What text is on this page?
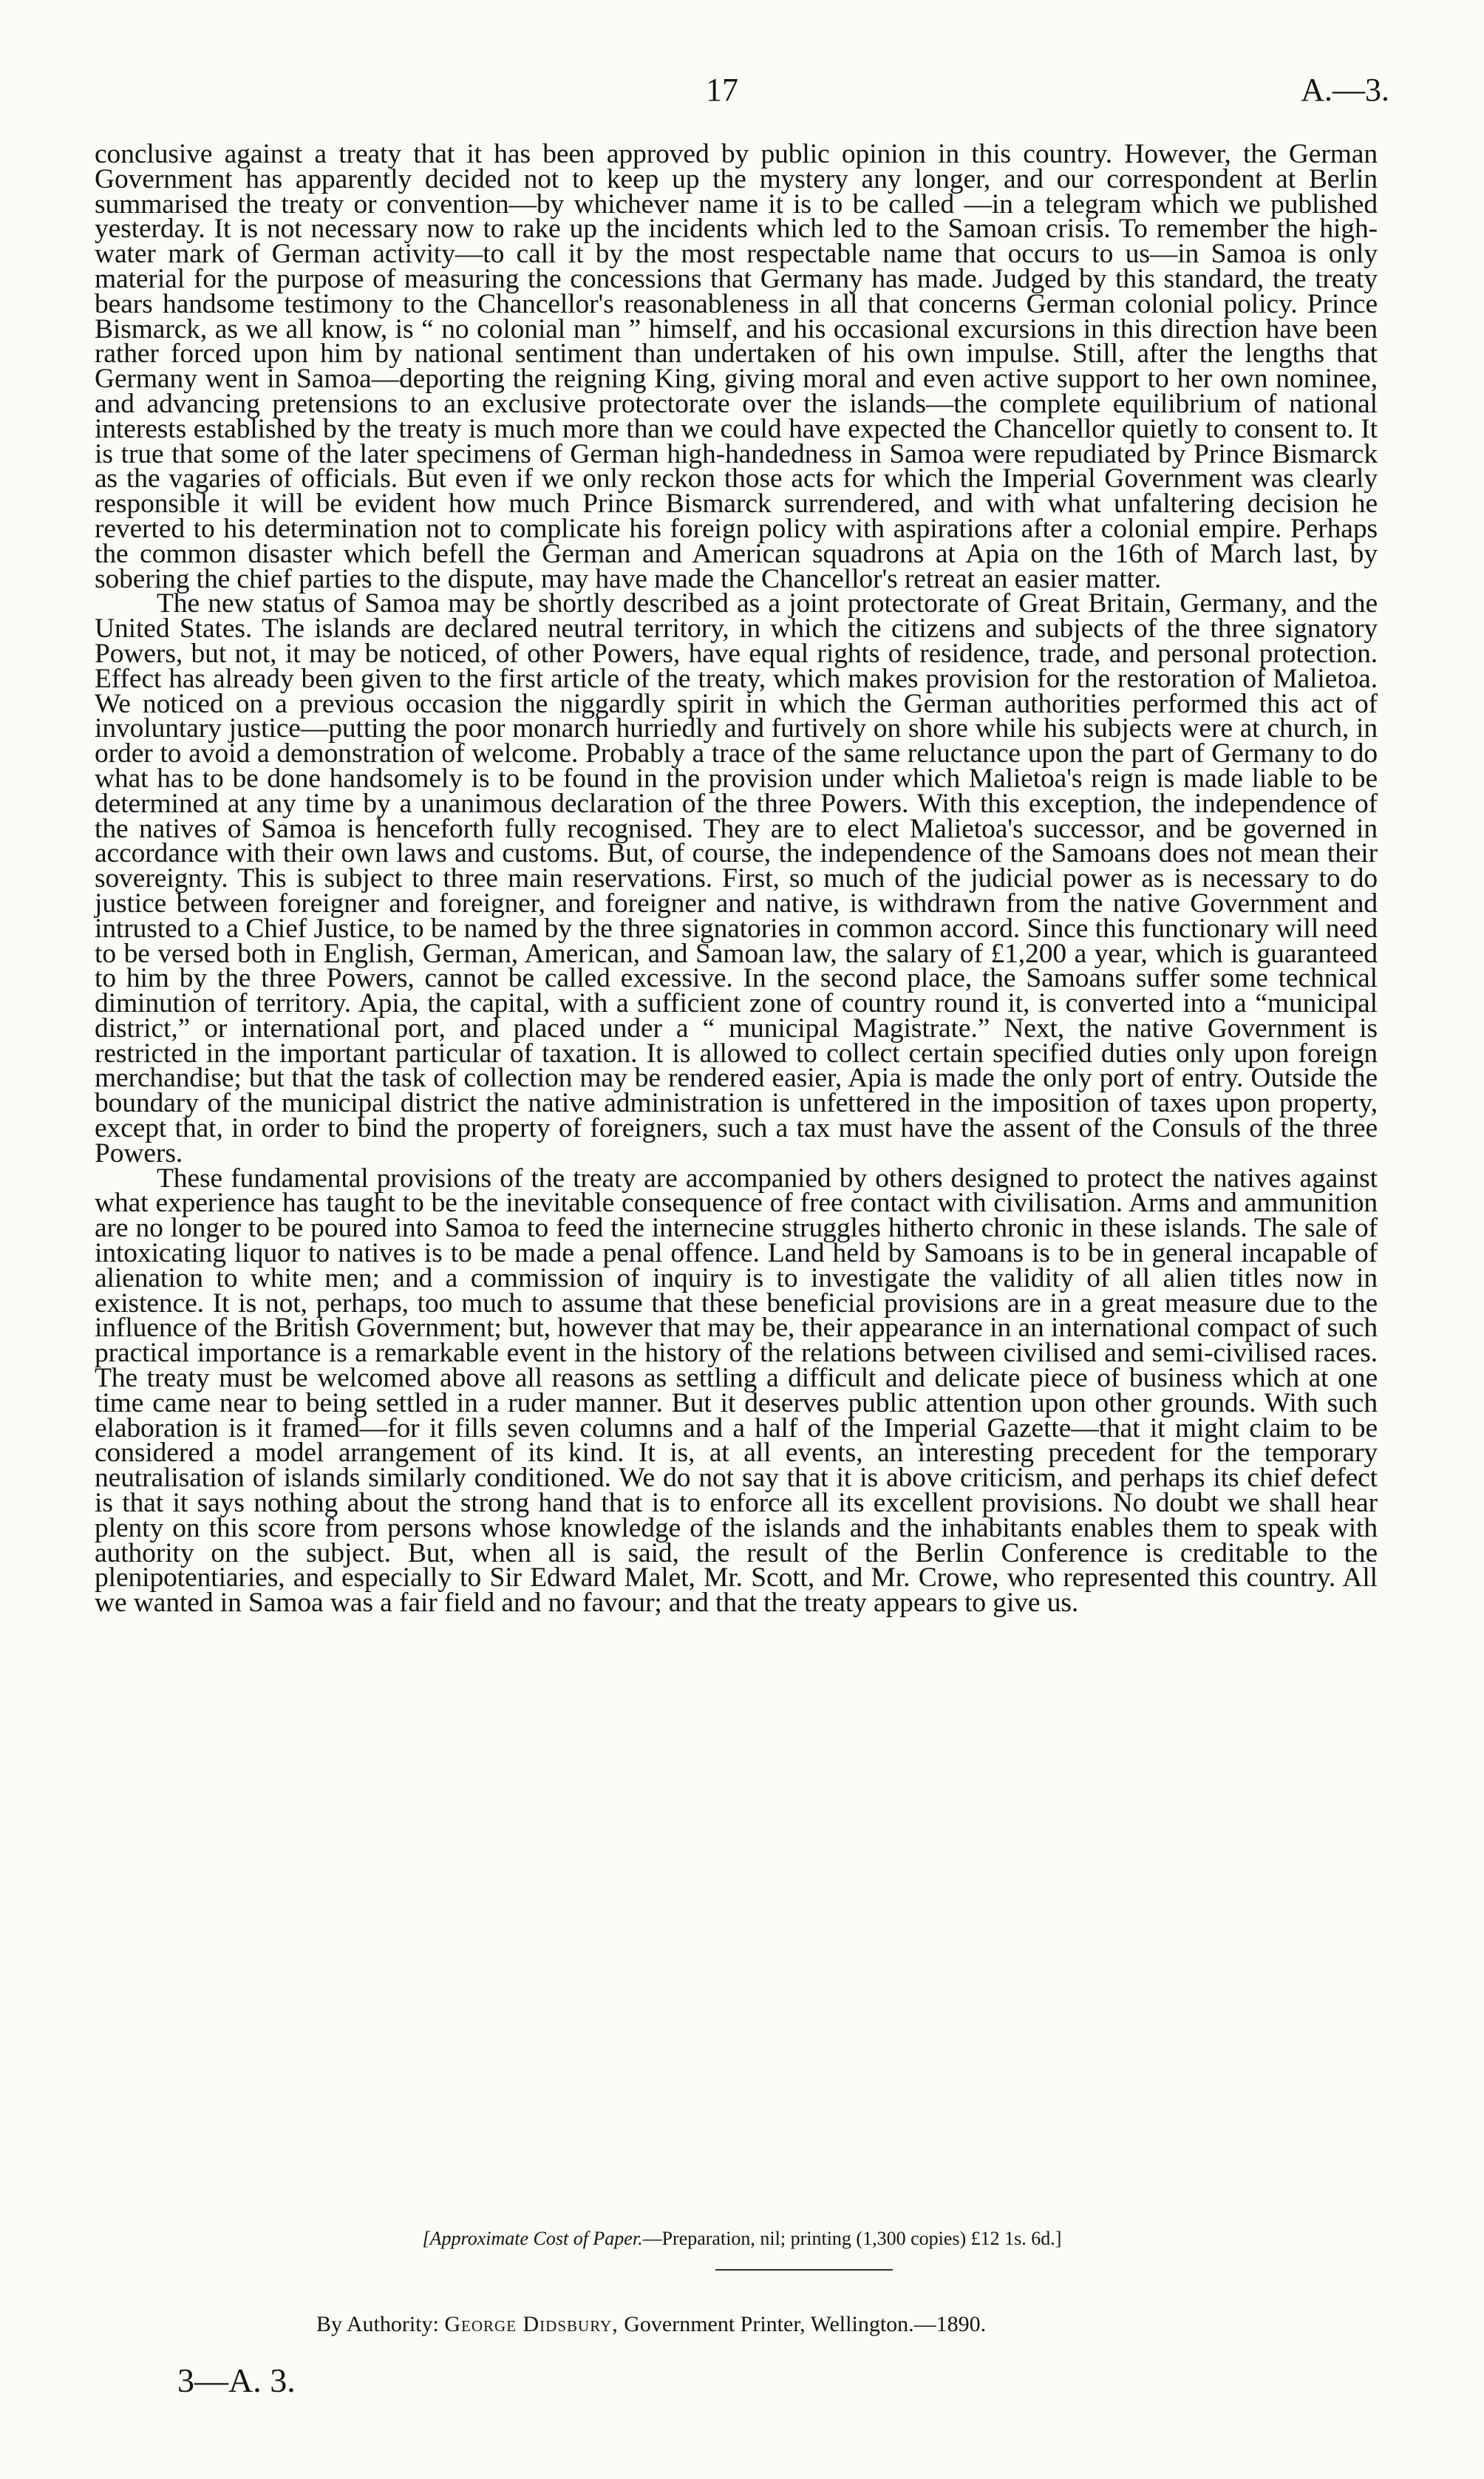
17	A.—3.

conclusive against a treaty that it has been approved by public opinion in this country. However, the German Government has apparently decided not to keep up the mystery any longer, and our correspondent at Berlin summarised the treaty or convention—by whichever name it is to be called —in a telegram which we published yesterday. It is not necessary now to rake up the incidents which led to the Samoan crisis. To remember the high-water mark of German activity—to call it by the most respectable name that occurs to us—in Samoa is only material for the purpose of measuring the concessions that Germany has made. Judged by this standard, the treaty bears handsome testimony to the Chancellor's reasonableness in all that concerns German colonial policy. Prince Bismarck, as we all know, is “ no colonial man ” himself, and his occasional excursions in this direction have been rather forced upon him by national sentiment than undertaken of his own impulse. Still, after the lengths that Germany went in Samoa—deporting the reigning King, giving moral and even active support to her own nominee, and advancing pretensions to an exclusive protectorate over the islands—the complete equilibrium of national interests established by the treaty is much more than we could have expected the Chancellor quietly to consent to. It is true that some of the later specimens of German high-handedness in Samoa were repudiated by Prince Bismarck as the vagaries of officials. But even if we only reckon those acts for which the Imperial Government was clearly responsible it will be evident how much Prince Bismarck surrendered, and with what unfaltering decision he reverted to his determination not to complicate his foreign policy with aspirations after a colonial empire. Perhaps the common disaster which befell the German and American squadrons at Apia on the 16th of March last, by sobering the chief parties to the dispute, may have made the Chancellor's retreat an easier matter.

The new status of Samoa may be shortly described as a joint protectorate of Great Britain, Germany, and the United States. The islands are declared neutral territory, in which the citizens and subjects of the three signatory Powers, but not, it may be noticed, of other Powers, have equal rights of residence, trade, and personal protection. Effect has already been given to the first article of the treaty, which makes provision for the restoration of Malietoa. We noticed on a previous occasion the niggardly spirit in which the German authorities performed this act of involuntary justice—putting the poor monarch hurriedly and furtively on shore while his subjects were at church, in order to avoid a demonstration of welcome. Probably a trace of the same reluctance upon the part of Germany to do what has to be done handsomely is to be found in the provision under which Malietoa's reign is made liable to be determined at any time by a unanimous declaration of the three Powers. With this exception, the independence of the natives of Samoa is henceforth fully recognised. They are to elect Malietoa's successor, and be governed in accordance with their own laws and customs. But, of course, the independence of the Samoans does not mean their sovereignty. This is subject to three main reservations. First, so much of the judicial power as is necessary to do justice between foreigner and foreigner, and foreigner and native, is withdrawn from the native Government and intrusted to a Chief Justice, to be named by the three signatories in common accord. Since this functionary will need to be versed both in English, German, American, and Samoan law, the salary of £1,200 a year, which is guaranteed to him by the three Powers, cannot be called excessive. In the second place, the Samoans suffer some technical diminution of territory. Apia, the capital, with a sufficient zone of country round it, is converted into a “municipal district,” or international port, and placed under a “ municipal Magistrate.” Next, the native Government is restricted in the important particular of taxation. It is allowed to collect certain specified duties only upon foreign merchandise; but that the task of collection may be rendered easier, Apia is made the only port of entry. Outside the boundary of the municipal district the native administration is unfettered in the imposition of taxes upon property, except that, in order to bind the property of foreigners, such a tax must have the assent of the Consuls of the three Powers.

These fundamental provisions of the treaty are accompanied by others designed to protect the natives against what experience has taught to be the inevitable consequence of free contact with civilisation. Arms and ammunition are no longer to be poured into Samoa to feed the internecine struggles hitherto chronic in these islands. The sale of intoxicating liquor to natives is to be made a penal offence. Land held by Samoans is to be in general incapable of alienation to white men; and a commission of inquiry is to investigate the validity of all alien titles now in existence. It is not, perhaps, too much to assume that these beneficial provisions are in a great measure due to the influence of the British Government; but, however that may be, their appearance in an international compact of such practical importance is a remarkable event in the history of the relations between civilised and semi-civilised races. The treaty must be welcomed above all reasons as settling a difficult and delicate piece of business which at one time came near to being settled in a ruder manner. But it deserves public attention upon other grounds. With such elaboration is it framed—for it fills seven columns and a half of the Imperial Gazette—that it might claim to be considered a model arrangement of its kind. It is, at all events, an interesting precedent for the temporary neutralisation of islands similarly conditioned. We do not say that it is above criticism, and perhaps its chief defect is that it says nothing about the strong hand that is to enforce all its excellent provisions. No doubt we shall hear plenty on this score from persons whose knowledge of the islands and the inhabitants enables them to speak with authority on the subject. But, when all is said, the result of the Berlin Conference is creditable to the plenipotentiaries, and especially to Sir Edward Malet, Mr. Scott, and Mr. Crowe, who represented this country. All we wanted in Samoa was a fair field and no favour; and that the treaty appears to give us.

[Approximate Cost of Paper.—Preparation, nil; printing (1,300 copies) £12 1s. 6d.]
By Authority: George Didsbury, Government Printer, Wellington.—1890.
3—A. 3.
